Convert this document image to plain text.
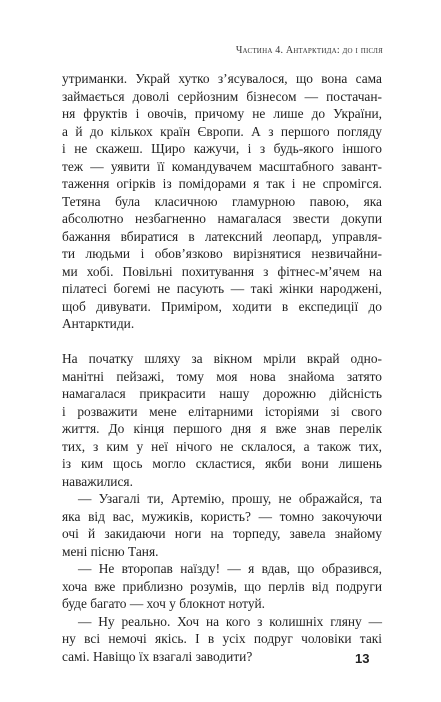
Частина 4. Антарктида: до і після

утриманки. Украй хутко з’ясувалося, що вона сама

займається доволі серйозним бізнесом — постачан-

ня фруктів і овочів, причому не лише до України,

а й до кількох країн Європи. А з першого погляду

і не скажеш. Щиро кажучи, і з будь-якого іншого

теж — уявити її командувачем масштабного завант-

таження огірків із помідорами я так і не спромігся.

Тетяна була класичною гламурною павою, яка

абсолютно незбагненно намагалася звести докупи

бажання вбиратися в латексний леопард, управля-

ти людьми і обов’язково вирізнятися незвичайни-

ми хобі. Повільні похитування з фітнес-м’ячем на

пілатесі богемі не пасують — такі жінки народжені,

щоб дивувати. Приміром, ходити в експедиції до

Антарктиди.

На початку шляху за вікном мріли вкрай одно-

манітні пейзажі, тому моя нова знайома затято

намагалася прикрасити нашу дорожню дійсність

і розважити мене елітарними історіями зі свого

життя. До кінця першого дня я вже знав перелік

тих, з ким у неї нічого не склалося, а також тих,

із ким щось могло скластися, якби вони лишень

наважилися.

— Узагалі ти, Артемію, прошу, не ображайся, та

яка від вас, мужиків, користь? — томно закочуючи

очі й закидаючи ноги на торпеду, завела знайому

мені пісню Таня.

— Не второпав наїзду! — я вдав, що образився,

хоча вже приблизно розумів, що перлів від подруги

буде багато — хоч у блокнот нотуй.

— Ну реально. Хоч на кого з колишніх гляну —

ну всі немочі якісь. І в усіх подруг чоловіки такі

самі. Навіщо їх взагалі заводити?	13
